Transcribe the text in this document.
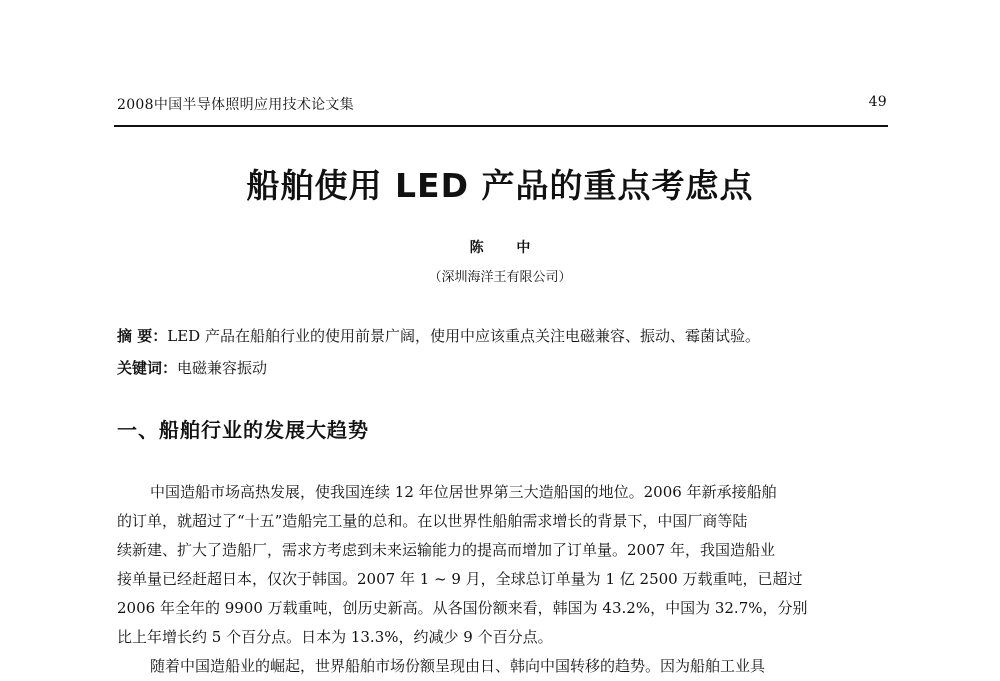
2008中国半导体照明应用技术论文集	49
船舶使用 LED 产品的重点考虑点
陈 中
（深圳海洋王有限公司）
摘 要：LED 产品在船舶行业的使用前景广阔，使用中应该重点关注电磁兼容、振动、霉菌试验。
关键词：电磁兼容振动
一、船舶行业的发展大趋势
中国造船市场高热发展，使我国连续 12 年位居世界第三大造船国的地位。2006 年新承接船舶
的订单，就超过了“十五”造船完工量的总和。在以世界性船舶需求增长的背景下，中国厂商等陆
续新建、扩大了造船厂，需求方考虑到未来运输能力的提高而增加了订单量。2007 年，我国造船业
接单量已经赶超日本，仅次于韩国。2007 年 1 ~ 9 月，全球总订单量为 1 亿 2500 万载重吨，已超过
2006 年全年的 9900 万载重吨，创历史新高。从各国份额来看，韩国为 43.2%，中国为 32.7%，分别
比上年增长约 5 个百分点。日本为 13.3%，约减少 9 个百分点。
随着中国造船业的崛起，世界船舶市场份额呈现由日、韩向中国转移的趋势。因为船舶工业具
